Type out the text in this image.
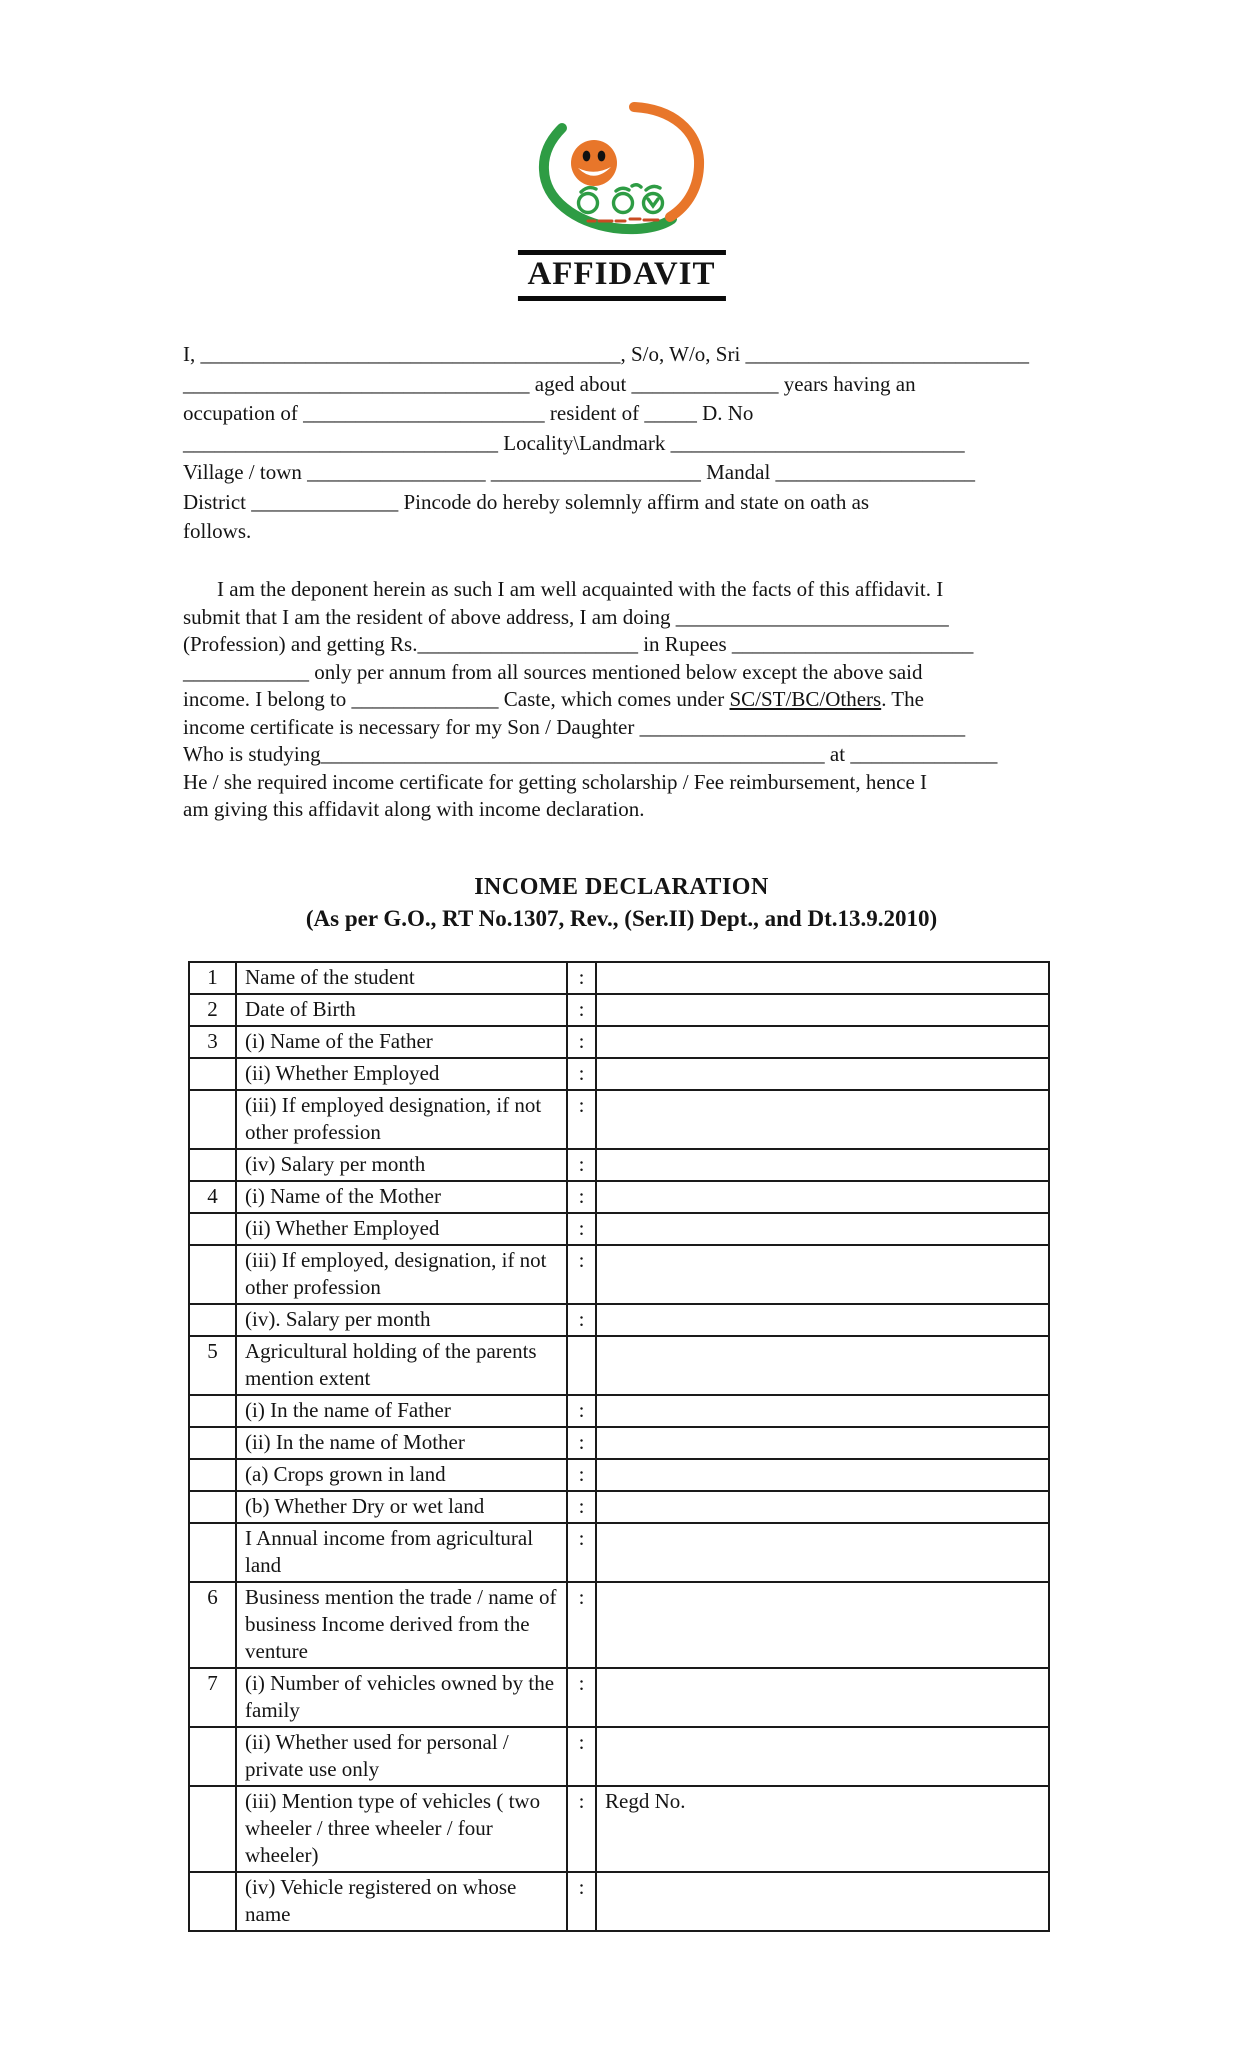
AFFIDAVIT
I, ________________________________________, S/o, W/o, Sri ___________________________
_________________________________ aged about ______________ years having an
occupation of _______________________ resident of _____ D. No
______________________________ Locality\Landmark ____________________________
Village / town _________________ ____________________ Mandal ___________________
District ______________ Pincode do hereby solemnly affirm and state on oath as
follows.
I am the deponent herein as such I am well acquainted with the facts of this affidavit. I
submit that I am the resident of above address, I am doing __________________________
(Profession) and getting Rs._____________________ in Rupees _______________________
____________ only per annum from all sources mentioned below except the above said
income. I belong to ______________ Caste, which comes under SC/ST/BC/Others. The
income certificate is necessary for my Son / Daughter _______________________________
Who is studying________________________________________________ at ______________
He / she required income certificate for getting scholarship / Fee reimbursement, hence I
am giving this affidavit along with income declaration.
INCOME DECLARATION
(As per G.O., RT No.1307, Rev., (Ser.II) Dept., and Dt.13.9.2010)
1	Name of the student	:	
2	Date of Birth	:	
3	(i) Name of the Father	:	
	(ii) Whether Employed	:	
	(iii) If employed designation, if not other profession	:	
	(iv) Salary per month	:	
4	(i) Name of the Mother	:	
	(ii) Whether Employed	:	
	(iii) If employed, designation, if not other profession	:	
	(iv). Salary per month	:	
5	Agricultural holding of the parents mention extent		
	(i) In the name of Father	:	
	(ii) In the name of Mother	:	
	(a) Crops grown in land	:	
	(b) Whether Dry or wet land	:	
	I Annual income from agricultural land	:	
6	Business mention the trade / name of business Income derived from the venture	:	
7	(i) Number of vehicles owned by the family	:	
	(ii) Whether used for personal / private use only	:	
	(iii) Mention type of vehicles ( two wheeler / three wheeler / four wheeler)	:	Regd No.
	(iv) Vehicle registered on whose name	:	
